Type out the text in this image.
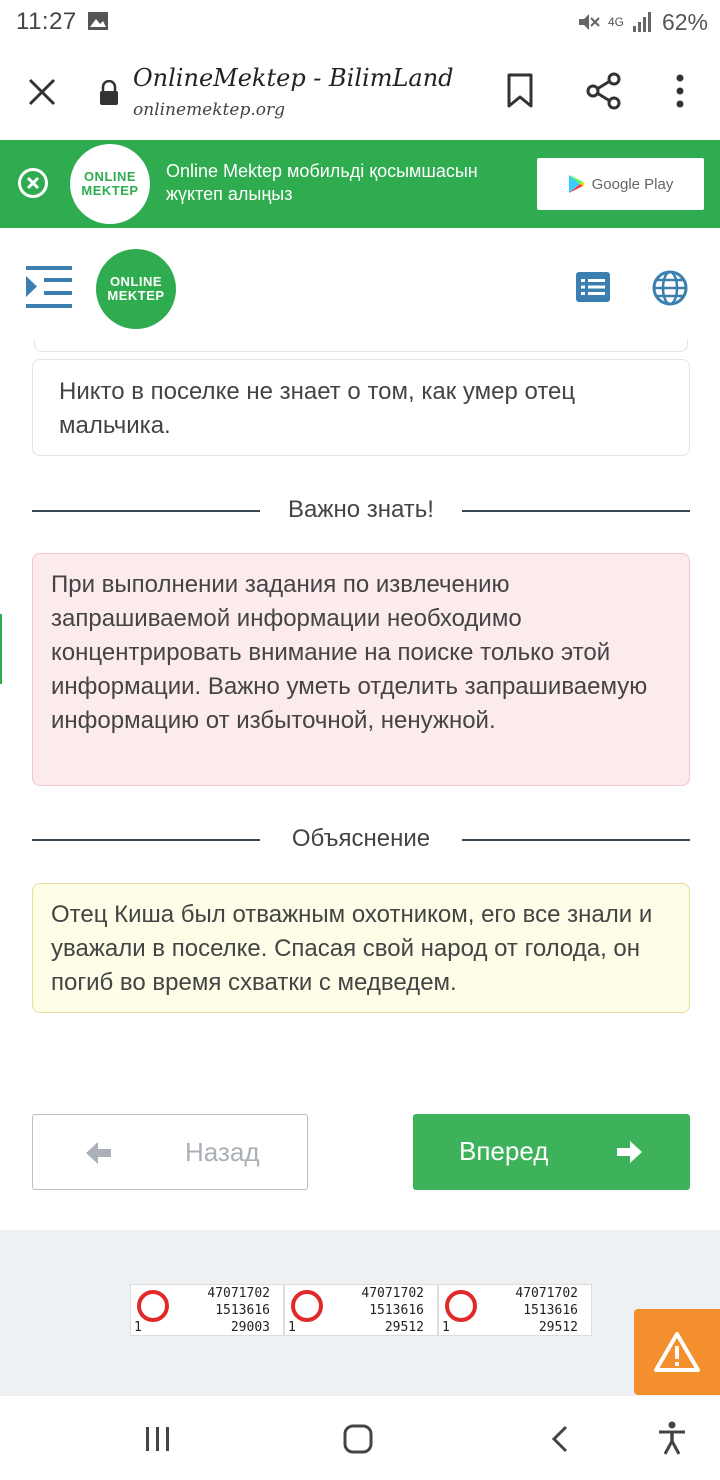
11:27	4G 62%
OnlineMektep - BilimLand
onlinemektep.org
ONLINE
MEKTEP
Online Mektep мобильді қосымшасын жүктеп алыңыз	Google Play
ONLINE
MEKTEP
Никто в поселке не знает о том, как умер отец мальчика.
Важно знать!
При выполнении задания по извлечению запрашиваемой информации необходимо концентрировать внимание на поиске только этой информации. Важно уметь отделить запрашиваемую информацию от избыточной, ненужной.
Объяснение
Отец Киша был отважным охотником, его все знали и уважали в поселке. Спасая свой народ от голода, он погиб во время схватки с медведем.
Назад	Вперед
47071702
1513616
29003
1
47071702
1513616
29512
1
47071702
1513616
29512
1
